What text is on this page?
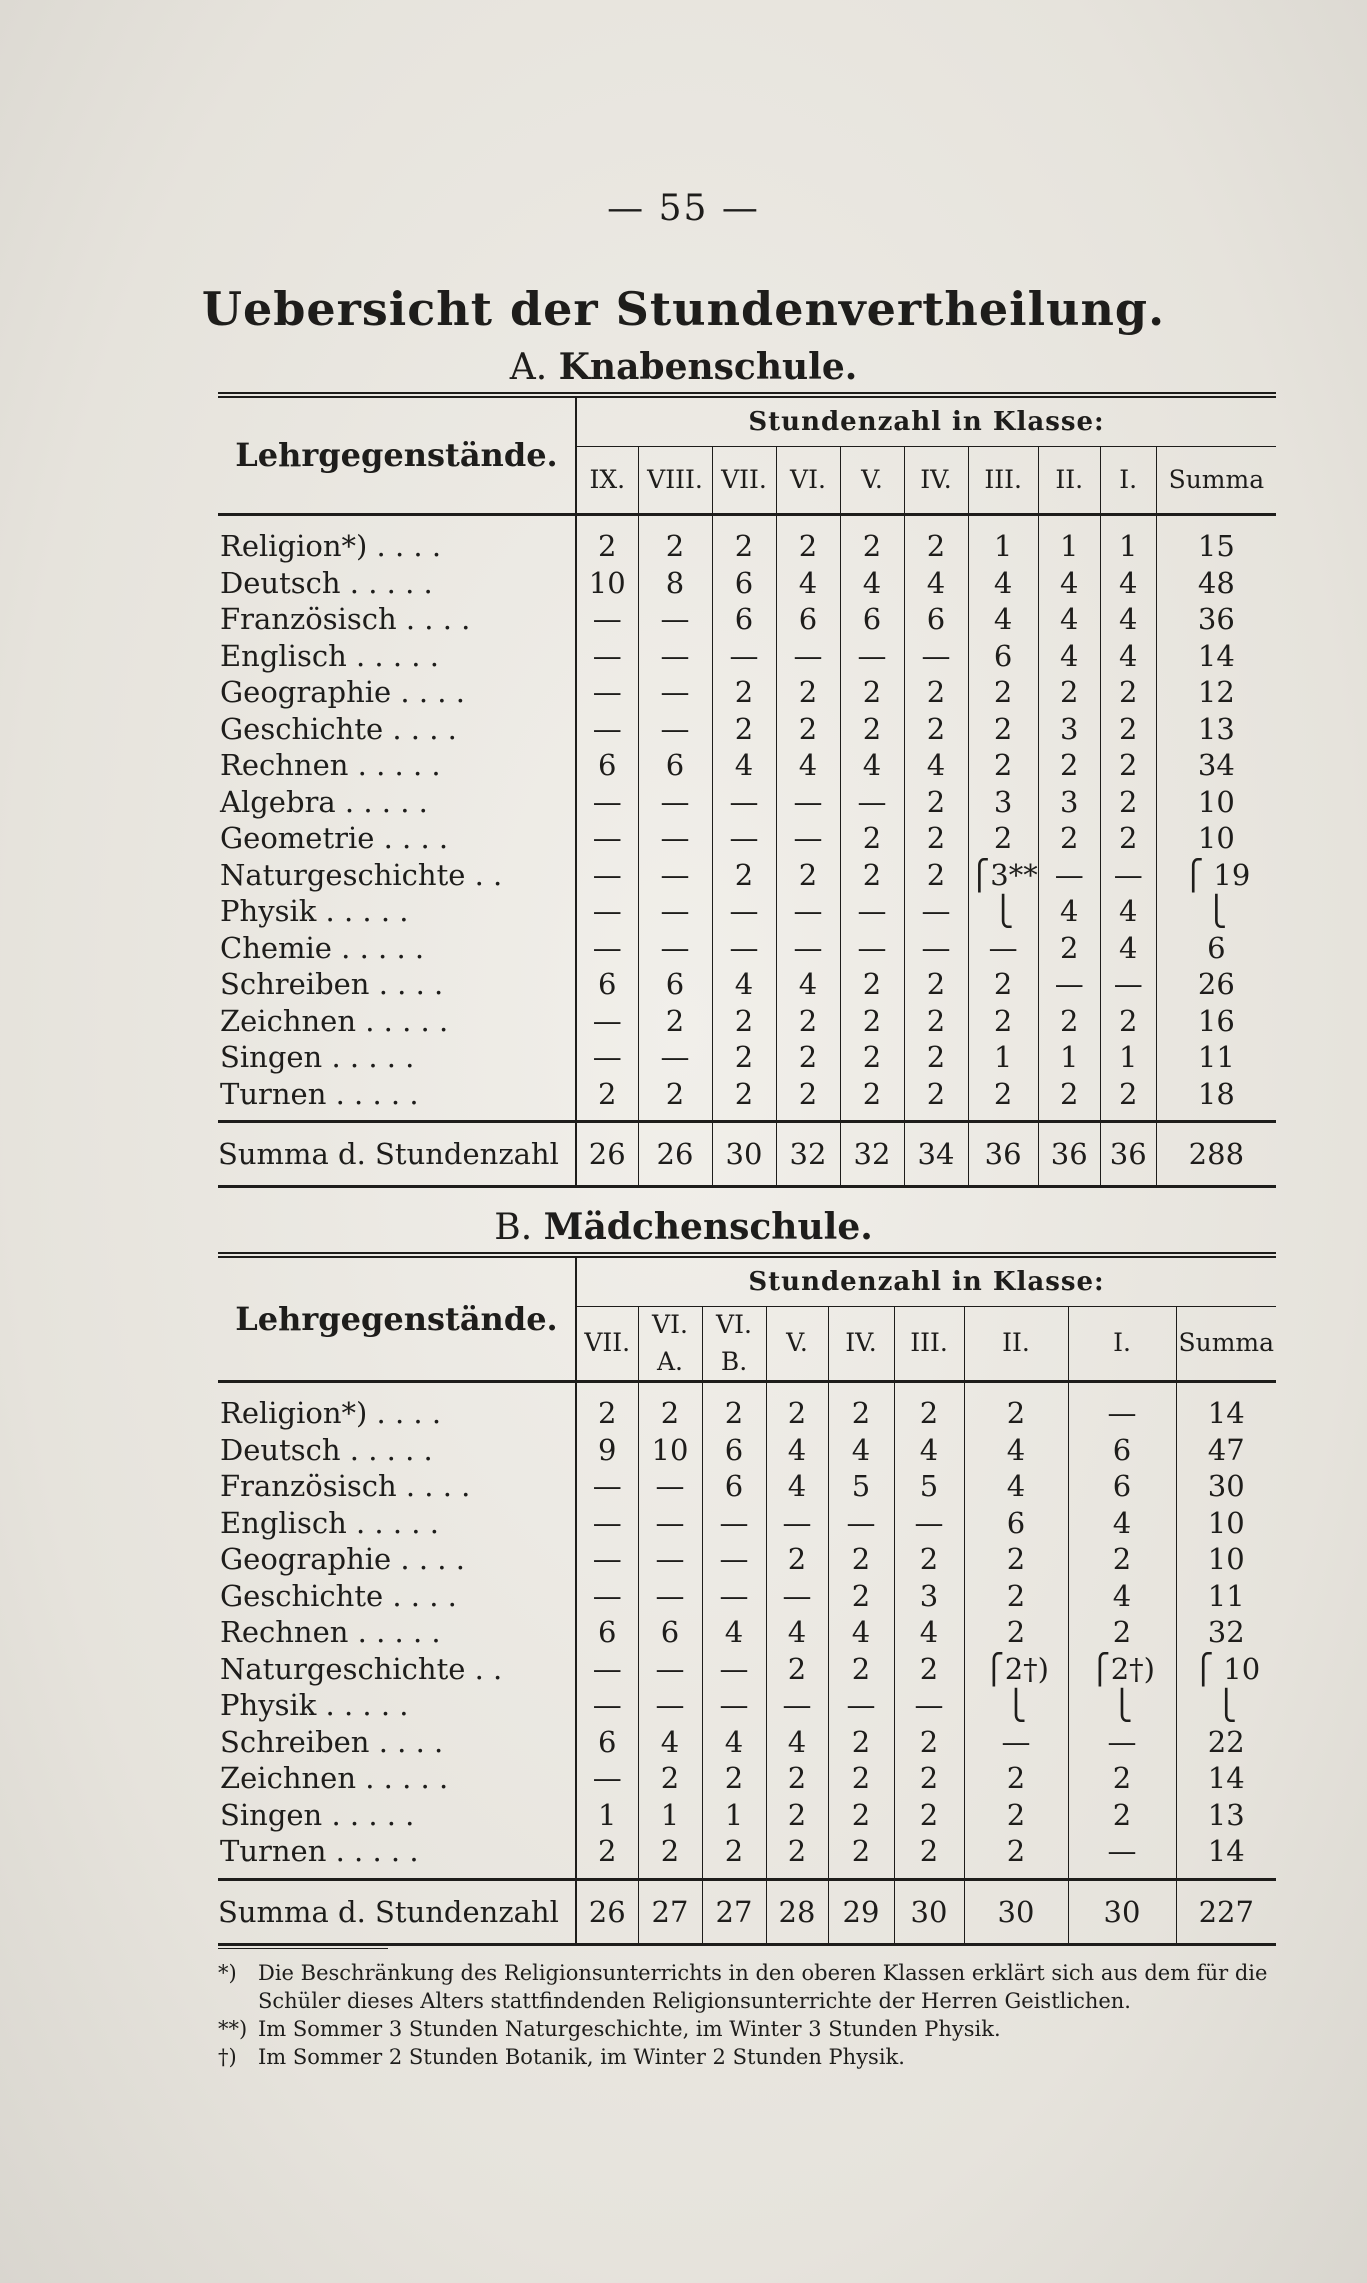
— 55 —
Uebersicht der Stundenvertheilung.
A. Knabenschule.
Lehrgegenstände.	Stundenzahl in Klasse:									
	IX.	VIII.	VII.	VI.	V.	IV.	III.	II.	I.	Summa
Religion*) . . . .	2	2	2	2	2	2	1	1	1	15
Deutsch . . . . .	10	8	6	4	4	4	4	4	4	48
Französisch . . . .	—	—	6	6	6	6	4	4	4	36
Englisch . . . . .	—	—	—	—	—	—	6	4	4	14
Geographie . . . .	—	—	2	2	2	2	2	2	2	12
Geschichte . . . .	—	—	2	2	2	2	2	3	2	13
Rechnen . . . . .	6	6	4	4	4	4	2	2	2	34
Algebra . . . . .	—	—	—	—	—	2	3	3	2	10
Geometrie . . . .	—	—	—	—	2	2	2	2	2	10
Naturgeschichte . .	—	—	2	2	2	2	⎧3**	—	—	⎧ 19
Physik . . . . .	—	—	—	—	—	—	⎩	4	4	⎩
Chemie . . . . .	—	—	—	—	—	—	—	2	4	6
Schreiben . . . .	6	6	4	4	2	2	2	—	—	26
Zeichnen . . . . .	—	2	2	2	2	2	2	2	2	16
Singen . . . . .	—	—	2	2	2	2	1	1	1	11
Turnen . . . . .	2	2	2	2	2	2	2	2	2	18
Summa d. Stundenzahl	26	26	30	32	32	34	36	36	36	288
B. Mädchenschule.
Lehrgegenstände.	Stundenzahl in Klasse:								
	VII.	VI. A.	VI. B.	V.	IV.	III.	II.	I.	Summa
Religion*) . . . .	2	2	2	2	2	2	2	—	14
Deutsch . . . . .	9	10	6	4	4	4	4	6	47
Französisch . . . .	—	—	6	4	5	5	4	6	30
Englisch . . . . .	—	—	—	—	—	—	6	4	10
Geographie . . . .	—	—	—	2	2	2	2	2	10
Geschichte . . . .	—	—	—	—	2	3	2	4	11
Rechnen . . . . .	6	6	4	4	4	4	2	2	32
Naturgeschichte . .	—	—	—	2	2	2	⎧2†)	⎧2†)	⎧ 10
Physik . . . . .	—	—	—	—	—	—	⎩	⎩	⎩
Schreiben . . . .	6	4	4	4	2	2	—	—	22
Zeichnen . . . . .	—	2	2	2	2	2	2	2	14
Singen . . . . .	1	1	1	2	2	2	2	2	13
Turnen . . . . .	2	2	2	2	2	2	2	—	14
Summa d. Stundenzahl	26	27	27	28	29	30	30	30	227
*) Die Beschränkung des Religionsunterrichts in den oberen Klassen erklärt sich aus dem für die Schüler dieses Alters stattfindenden Religionsunterrichte der Herren Geistlichen.
**) Im Sommer 3 Stunden Naturgeschichte, im Winter 3 Stunden Physik.
†) Im Sommer 2 Stunden Botanik, im Winter 2 Stunden Physik.
